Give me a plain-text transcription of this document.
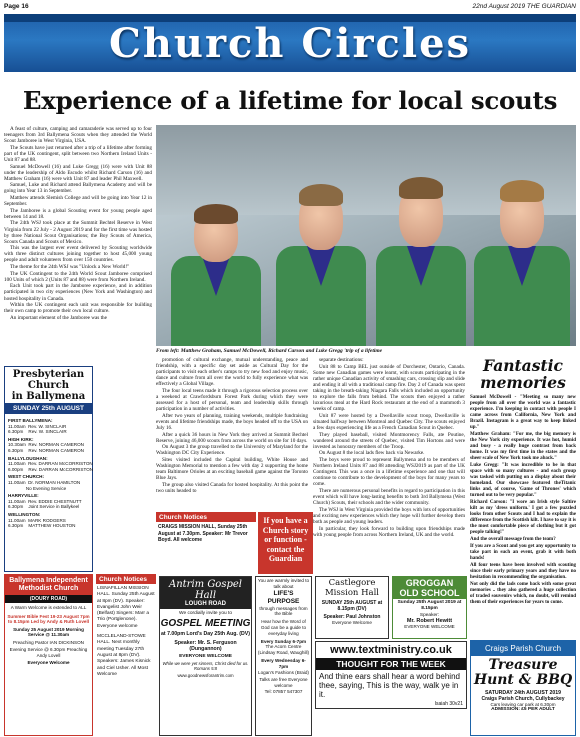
Page 16	22nd August 2019 THE GUARDIAN
Church Circles
Experience of a lifetime for local scouts

A feast of culture, camping and camaraderie was served up to four teenagers from 3rd Ballymena Scouts when they attended the World Scout Jamboree in West Virginia, USA.

The Scouts have just returned after a trip of a lifetime after forming part of the UK contingent, split between two Northern Ireland Units - Unit 87 and 88.

Samuel McDowell (16) and Luke Gregg (16) were with Unit 88 under the leadership of Aldo Escudo whilst Richard Carson (16) and Matthew Graham (16) were with Unit 87 and leader Phil Maxwell.

Samuel, Luke and Richard attend Ballymena Academy and will be going into Year 13 in September.

Matthew attends Slemish College and will be going into Year 12 in September.

The Jamboree is a global Scouting event for young people aged between 14 and 18.

The 24th WSJ took place at the Summit Bechtel Reserve in West Virginia from 22 July - 2 August 2019 and for the first time was hosted by three National Scout Organisations; the Boy Scouts of America, Scouts Canada and Scouts of Mexico.

This was the largest ever event delivered by Scouting worldwide with three distinct cultures joining together to host 45,000 young people and adult volunteers from over 150 countries.

The theme for the 24th WSJ was "Unlock a New World!"

The UK Contingent to the 24th World Scout Jamboree comprised 100 Units of which 2 (Units 87 and 88) were from Northern Ireland.

Each Unit took part in the Jamboree experience, and in addition participated in two city experiences (New York and Washington) and hosted hospitality in Canada.

Within the UK contingent each unit was responsible for building their own camp to promote their own local culture.

An important element of the Jamboree was the

From left: Matthew Graham, Samuel McDowell, Richard Carson and Luke Gregg 'trip of a lifetime

promotion of cultural exchange, mutual understanding, peace and friendship, with a specific day set aside as Cultural Day for the participants to visit each other's camps to try new food and enjoy music, dance and culture from all over the world to fully experience what was effectively a Global Village.

The four local teens made it through a rigorous selection process over a weekend at Crawfordsburn Forest Park during which they were assessed for a host of personal, team and leadership skills through participation in a number of activities.

After two years of planning, training weekends, multiple fundraising events and lifetime friendships made, the boys headed off to the USA on July 16.

After a quick 36 hours in New York they arrived at Summit Bechtel Reserve, joining 46,000 scouts from across the world on site for 10 days.

On August 3 the group travelled to the University of Maryland for the Washington DC City Experience.

Sites visited included the Capital building, White House and Washington Memorial to mention a few with day 2 supporting the home team Baltimore Orioles at an exciting baseball game against the Toronto Blue Jays.

The group also visited Canada for hosted hospitality. At this point the two units headed to

separate destinations:

Unit 88 to Camp BEL just outside of Dorchester, Ontario, Canada. Some new Canadian games were learnt, with scouts participating in the rather unique Canadian activity of smashing cars, crossing slip and slide and ending it all with a traditional camp fire. Day 2 of Canada was spent taking in the breath-taking Niagara Falls which included an opportunity to explore the falls from behind. The scouts then enjoyed a rather luxurious meal at the Hard Rock restaurant at the end of a mammoth 3 weeks of camp.

Unit 87 were hosted by a Dwellaville scout troop, Dwellaville is situated halfway between Montreal and Quebec City. The scouts enjoyed a few days experiencing life as a French Canadian Scout in Quebec.

They played baseball, visited Montmorency Falls, ate Poutine, wandered around the streets of Quebec, visited Tim Hortons and were invested as honorary members of the Troop.

On August 8 the local lads flew back via Newarke.

The boys were proud to represent Ballymena and to be members of Northern Ireland Units 87 and 88 attending WSJ2019 as part of the UK Contingent. This was a once in a lifetime experience and one that will continue to contribute to the development of the boys for many years to come.

There are numerous personal benefits in regard to participation in this event which will have long-lasting benefits to both 3rd Ballymena (West Church) Scouts, their schools and the wider community.

The WSJ in West Virginia provided the boys with lots of opportunities and exciting new experiences which they hope will further develop them both as people and young leaders.

In particular, they look forward to building upon friendships made with young people from across Northern Ireland, UK and the world.

Fantastic
memories

Samuel McDowell - "Meeting so many new people from all over the world was a fantastic experience. I'm keeping in contact with people I came across from California, New York and Brazil. Instagram is a great way to keep linked up."

Matthew Graham: "For me, the big memory is the New York city experience. It was hot, humid and busy - a really huge contrast from back home. It was my first time in the states and the sheer scale of New York took me aback."

Luke Gregg: "It was incredible to be in that space with so many cultures - and each group was tasked with putting on a display about their homeland. Our showcase featured theTitanic links and, of course, 'Game of Thrones' which turned out to be very popular."

Richard Carson: "I wore an Irish style Saltire kilt as my 'dress uniform.' I got a few puzzled looks from other Scouts and I had to explain the difference from the Scottish kilt. I have to say it is the most comfortable piece of clothing but it got people talking!"

And the overall message from the team?

If you are a Scout and you get any opportunity to take part in such an event, grab it with both hands!

All four teens have been involved with scouting since their early primary years and they have no hesitation in recommending the organisation.

Not only did the lads come back with some great memories .. they also gathered a huge collection of traded souvenirs which, no doubt, will remind them of their experiences for years to come.

Presbyterian Church
in Ballymena
SUNDAY 25th AUGUST
FIRST BALLYMENA:
11.00am  Rev. W. SINCLAIR
6.30pm    Rev. W. SINCLAIR
HIGH KIRK:
10.30am  Rev. NORMAN CAMERON
6.30pm    Rev. NORMAN CAMERON
BALLYLOUGHAN:
11.00am  Rev. DARRAN McCORRISTON
6.00pm    Rev. DARRAN McCORRISTON
WEST CHURCH:
11.00am  Dr. NORMAN HAMILTON
No Evening Service
HARRYVILLE:
11.00am  Rev. EDDIE CHESTNUTT
6.30pm    Joint Service in Ballykeel
WELLINGTON:
11.00am  MARK RODGERS
6.30pm    MATTHEW HOUSTON
Church Notices
CRAIGS MISSION HALL, Sunday 25th August at 7.30pm. Speaker: Mr Trevor Boyd. All welcome
If you have a Church story or function - contact the Guardian
Ballymena Independent Methodist Church
(DOURY ROAD)
A Warm Welcome is extended to ALL
Summer Bible Fest 19-23 August 7pm to 8.15pm Led by Andy & Ruth Lovell
Sunday 25 August 2019 Morning Service @ 11.30am
Preaching Pastor IAN DICKINSON
Evening Service @ 6.30pm Preaching Andy Lovell
Everyone Welcome
Church Notices
LISNAFILLAN MISSION HALL. Sunday 25th August at 8pm (DV). Speaker: Evangelist John Weir (Belfast) Singers: Marr a Trio (Portglenone). Everyone welcome
MCCLELAND-STOWE HALL. Next monthly meeting Tuesday 27th August at 8pm (DV). Speakers: James Kisnick and Ciel Usher. All Most Welcome
Antrim Gospel Hall
LOUGH ROAD
We cordially invite you to
GOSPEL MEETING
at 7.00pm Lord's Day 25th Aug. (DV)
Speaker: Mr. S. Ferguson (Dungannon)
EVERYONE WELCOME
While we were yet sinners, Christ died for us. Romans 5:8
www.goodnewsforantrim.com
You are warmly invited to talk about
LIFE'S PURPOSE
through messages from the Bible
Hear how the Word of God can be a guide to everyday living
Every Sunday 6-7pm
The Acorn Centre (Lindsay Road, Waughill)
Every Wednesday 6-7pm
Logan's Fashions (Braid)
Talks are free Everyone welcome
Tel: 07857 547307
Castlegore
Mission Hall
SUNDAY 25th AUGUST at 8.15pm (DV)
Speaker: Paul Johnston
Everyone Welcome
GROGGAN
OLD SCHOOL
Sunday 25th August 2019 at 8.15pm
Speaker:
Mr. Robert Hewitt
EVERYONE WELCOME
www.textministry.co.uk
THOUGHT FOR THE WEEK
And thine ears shall hear a word behind thee, saying, This is the way, walk ye in it.
Isaiah 30v21
Craigs Parish Church
Treasure
Hunt & BBQ
SATURDAY 24th AUGUST 2019
Craigs Parish Church, Cullybackey
Cars leaving car park at 6.30pm
ADMISSION: £5 PER ADULT
